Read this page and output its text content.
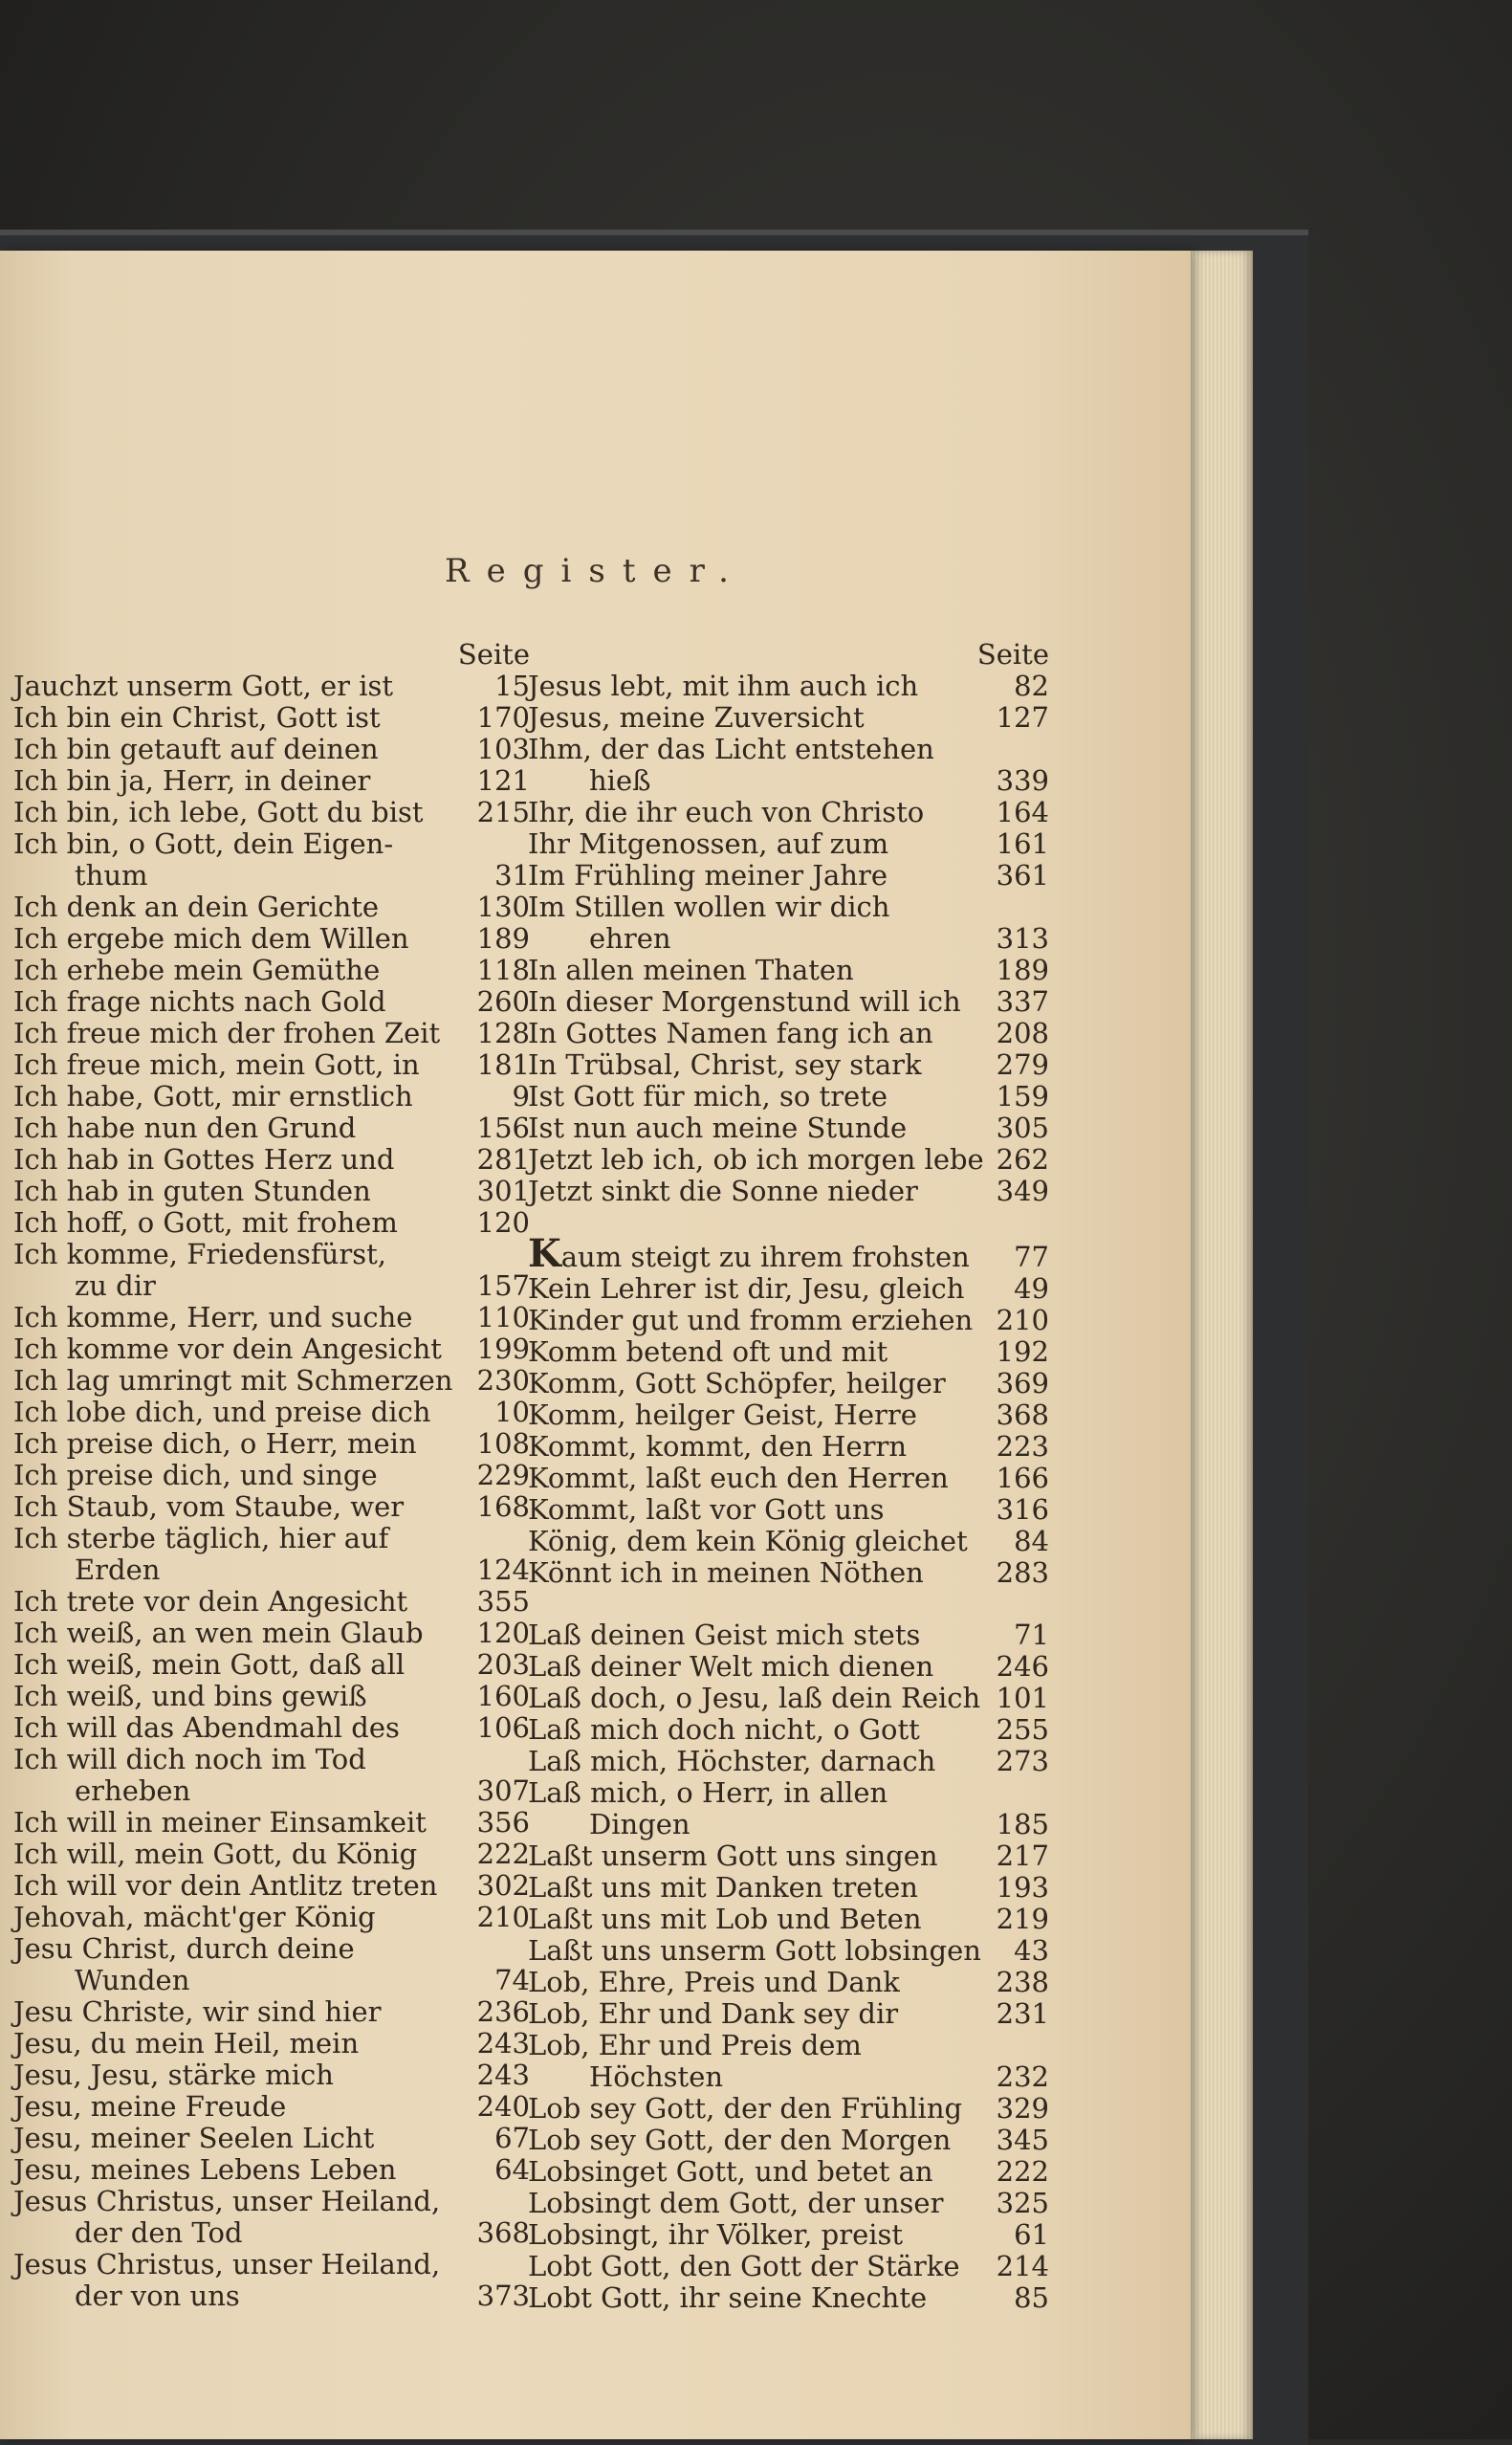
Register.
Seite
Jauchzt unserm Gott, er ist	15
Ich bin ein Christ, Gott ist	170
Ich bin getauft auf deinen	103
Ich bin ja, Herr, in deiner	121
Ich bin, ich lebe, Gott du bist 215
Ich bin, o Gott, dein Eigen-
thum	31
Ich denk an dein Gerichte	130
Ich ergebe mich dem Willen 189
Ich erhebe mein Gemüthe	118
Ich frage nichts nach Gold	260
Ich freue mich der frohen Zeit 128
Ich freue mich, mein Gott, in 181
Ich habe, Gott, mir ernstlich	9
Ich habe nun den Grund	156
Ich hab in Gottes Herz und	281
Ich hab in guten Stunden	301
Ich hoff, o Gott, mit frohem	120
Ich komme, Friedensfürst,
zu dir	157
Ich komme, Herr, und suche 110
Ich komme vor dein Angesicht 199
Ich lag umringt mit Schmerzen 230
Ich lobe dich, und preise dich	10
Ich preise dich, o Herr, mein 108
Ich preise dich, und singe	229
Ich Staub, vom Staube, wer	168
Ich sterbe täglich, hier auf
Erden	124
Ich trete vor dein Angesicht 355
Ich weiß, an wen mein Glaub 120
Ich weiß, mein Gott, daß all	203
Ich weiß, und bins gewiß	160
Ich will das Abendmahl des	106
Ich will dich noch im Tod
erheben	307
Ich will in meiner Einsamkeit 356
Ich will, mein Gott, du König 222
Ich will vor dein Antlitz treten 302
Jehovah, mächt'ger König	210
Jesu Christ, durch deine
Wunden	74
Jesu Christe, wir sind hier	236
Jesu, du mein Heil, mein	243
Jesu, Jesu, stärke mich	243
Jesu, meine Freude	240
Jesu, meiner Seelen Licht	67
Jesu, meines Lebens Leben	64
Jesus Christus, unser Heiland,
der den Tod	368
Jesus Christus, unser Heiland,
der von uns	373
Seite
Jesus lebt, mit ihm auch ich	82
Jesus, meine Zuversicht	127
Ihm, der das Licht entstehen
hieß	339
Ihr, die ihr euch von Christo	164
Ihr Mitgenossen, auf zum	161
Im Frühling meiner Jahre	361
Im Stillen wollen wir dich
ehren	313
In allen meinen Thaten	189
In dieser Morgenstund will ich 337
In Gottes Namen fang ich an 208
In Trübsal, Christ, sey stark	279
Ist Gott für mich, so trete	159
Ist nun auch meine Stunde	305
Jetzt leb ich, ob ich morgen lebe 262
Jetzt sinkt die Sonne nieder	349
Kaum steigt zu ihrem frohsten	77
Kein Lehrer ist dir, Jesu, gleich	49
Kinder gut und fromm erziehen 210
Komm betend oft und mit	192
Komm, Gott Schöpfer, heilger 369
Komm, heilger Geist, Herre	368
Kommt, kommt, den Herrn	223
Kommt, laßt euch den Herren 166
Kommt, laßt vor Gott uns	316
König, dem kein König gleichet	84
Könnt ich in meinen Nöthen	283
Laß deinen Geist mich stets	71
Laß deiner Welt mich dienen 246
Laß doch, o Jesu, laß dein Reich 101
Laß mich doch nicht, o Gott	255
Laß mich, Höchster, darnach 273
Laß mich, o Herr, in allen
Dingen	185
Laßt unserm Gott uns singen 217
Laßt uns mit Danken treten	193
Laßt uns mit Lob und Beten	219
Laßt uns unserm Gott lobsingen	43
Lob, Ehre, Preis und Dank	238
Lob, Ehr und Dank sey dir	231
Lob, Ehr und Preis dem
Höchsten	232
Lob sey Gott, der den Frühling 329
Lob sey Gott, der den Morgen 345
Lobsinget Gott, und betet an 222
Lobsingt dem Gott, der unser 325
Lobsingt, ihr Völker, preist	61
Lobt Gott, den Gott der Stärke 214
Lobt Gott, ihr seine Knechte	85
